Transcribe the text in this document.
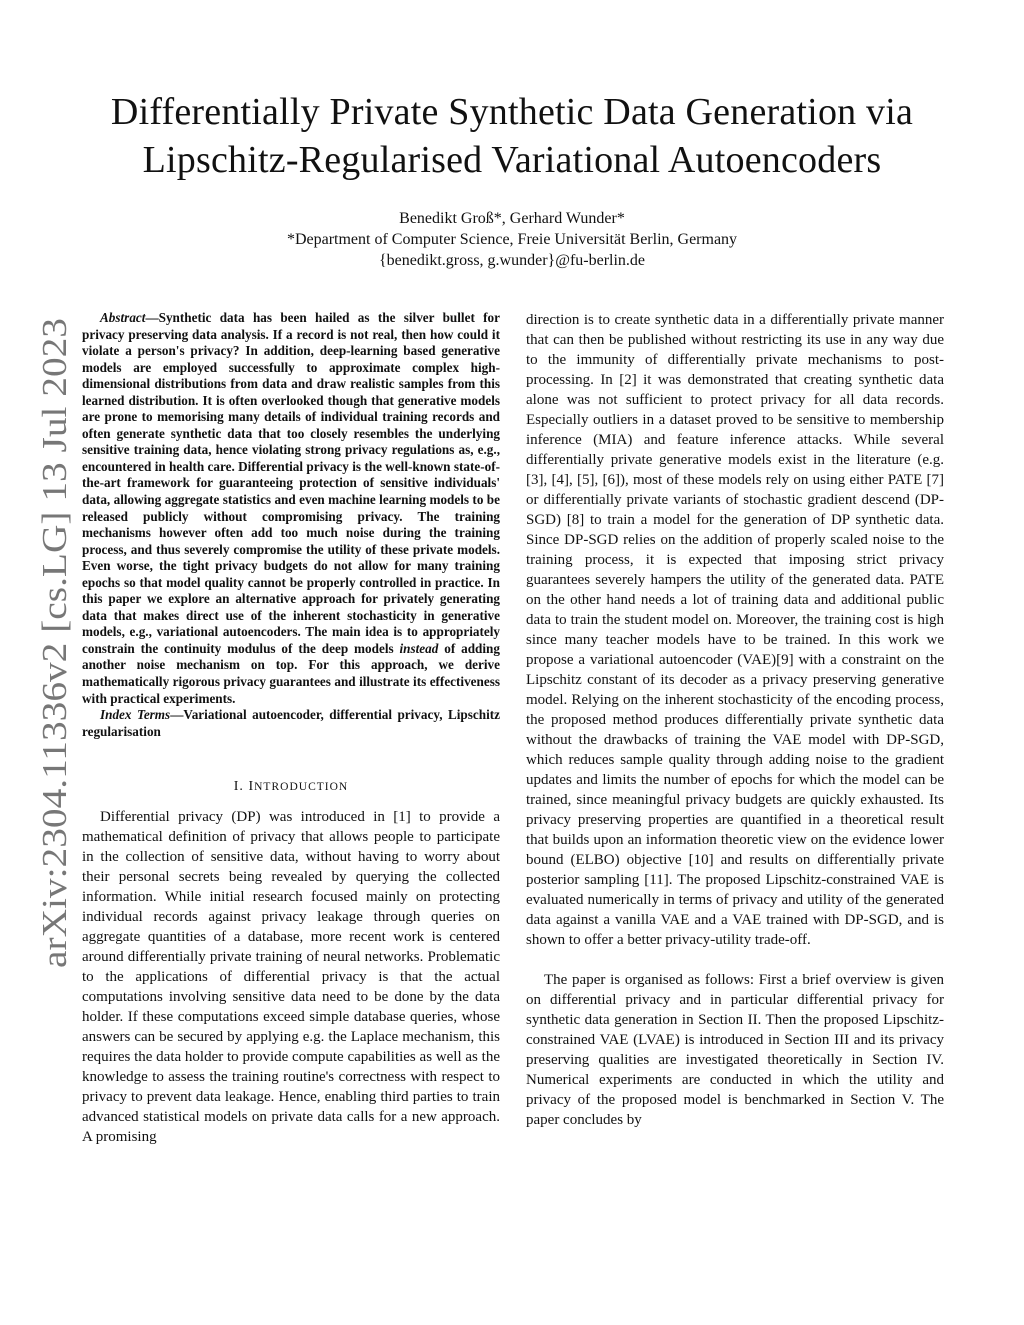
arXiv:2304.11336v2 [cs.LG] 13 Jul 2023
Differentially Private Synthetic Data Generation via
Lipschitz-Regularised Variational Autoencoders
Benedikt Groß*, Gerhard Wunder*
*Department of Computer Science, Freie Universität Berlin, Germany
{benedikt.gross, g.wunder}@fu-berlin.de

Abstract—Synthetic data has been hailed as the silver bullet for privacy preserving data analysis. If a record is not real, then how could it violate a person's privacy? In addition, deep-learning based generative models are employed successfully to approximate complex high-dimensional distributions from data and draw realistic samples from this learned distribution. It is often overlooked though that generative models are prone to memorising many details of individual training records and often generate synthetic data that too closely resembles the underlying sensitive training data, hence violating strong privacy regulations as, e.g., encountered in health care. Differential privacy is the well-known state-of-the-art framework for guaranteeing protection of sensitive individuals' data, allowing aggregate statistics and even machine learning models to be released publicly without compromising privacy. The training mechanisms however often add too much noise during the training process, and thus severely compromise the utility of these private models. Even worse, the tight privacy budgets do not allow for many training epochs so that model quality cannot be properly controlled in practice. In this paper we explore an alternative approach for privately generating data that makes direct use of the inherent stochasticity in generative models, e.g., variational autoencoders. The main idea is to appropriately constrain the continuity modulus of the deep models instead of adding another noise mechanism on top. For this approach, we derive mathematically rigorous privacy guarantees and illustrate its effectiveness with practical experiments.

Index Terms—Variational autoencoder, differential privacy, Lipschitz regularisation

I. INTRODUCTION

Differential privacy (DP) was introduced in [1] to provide a mathematical definition of privacy that allows people to participate in the collection of sensitive data, without having to worry about their personal secrets being revealed by querying the collected information. While initial research focused mainly on protecting individual records against privacy leakage through queries on aggregate quantities of a database, more recent work is centered around differentially private training of neural networks. Problematic to the applications of differential privacy is that the actual computations involving sensitive data need to be done by the data holder. If these computations exceed simple database queries, whose answers can be secured by applying e.g. the Laplace mechanism, this requires the data holder to provide compute capabilities as well as the knowledge to assess the training routine's correctness with respect to privacy to prevent data leakage. Hence, enabling third parties to train advanced statistical models on private data calls for a new approach. A promising

direction is to create synthetic data in a differentially private manner that can then be published without restricting its use in any way due to the immunity of differentially private mechanisms to post-processing. In [2] it was demonstrated that creating synthetic data alone was not sufficient to protect privacy for all data records. Especially outliers in a dataset proved to be sensitive to membership inference (MIA) and feature inference attacks. While several differentially private generative models exist in the literature (e.g. [3], [4], [5], [6]), most of these models rely on using either PATE [7] or differentially private variants of stochastic gradient descend (DP-SGD) [8] to train a model for the generation of DP synthetic data. Since DP-SGD relies on the addition of properly scaled noise to the training process, it is expected that imposing strict privacy guarantees severely hampers the utility of the generated data. PATE on the other hand needs a lot of training data and additional public data to train the student model on. Moreover, the training cost is high since many teacher models have to be trained. In this work we propose a variational autoencoder (VAE)[9] with a constraint on the Lipschitz constant of its decoder as a privacy preserving generative model. Relying on the inherent stochasticity of the encoding process, the proposed method produces differentially private synthetic data without the drawbacks of training the VAE model with DP-SGD, which reduces sample quality through adding noise to the gradient updates and limits the number of epochs for which the model can be trained, since meaningful privacy budgets are quickly exhausted. Its privacy preserving properties are quantified in a theoretical result that builds upon an information theoretic view on the evidence lower bound (ELBO) objective [10] and results on differentially private posterior sampling [11]. The proposed Lipschitz-constrained VAE is evaluated numerically in terms of privacy and utility of the generated data against a vanilla VAE and a VAE trained with DP-SGD, and is shown to offer a better privacy-utility trade-off.

The paper is organised as follows: First a brief overview is given on differential privacy and in particular differential privacy for synthetic data generation in Section II. Then the proposed Lipschitz-constrained VAE (LVAE) is introduced in Section III and its privacy preserving qualities are investigated theoretically in Section IV. Numerical experiments are conducted in which the utility and privacy of the proposed model is benchmarked in Section V. The paper concludes by
